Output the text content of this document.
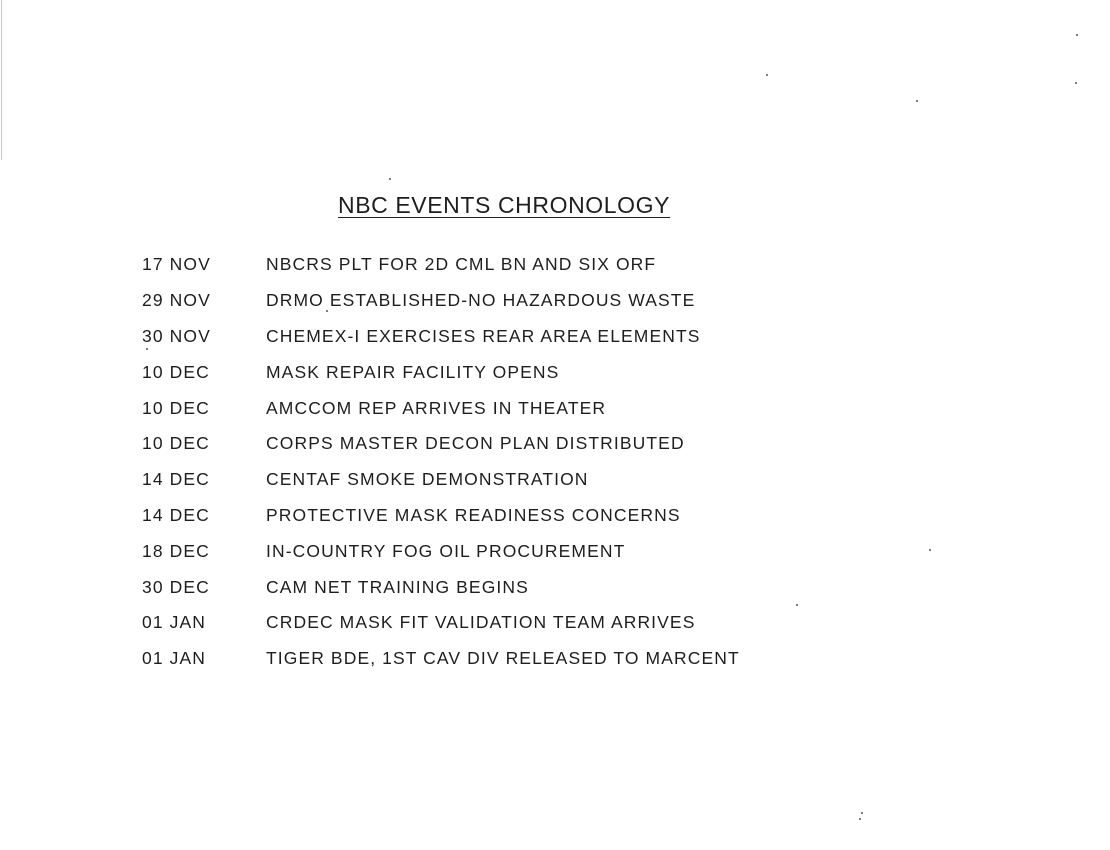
NBC EVENTS CHRONOLOGY
17 NOV	NBCRS PLT FOR 2D CML BN AND SIX ORF
29 NOV	DRMO ESTABLISHED-NO HAZARDOUS WASTE
30 NOV	CHEMEX-I EXERCISES REAR AREA ELEMENTS
10 DEC	MASK REPAIR FACILITY OPENS
10 DEC	AMCCOM REP ARRIVES IN THEATER
10 DEC	CORPS MASTER DECON PLAN DISTRIBUTED
14 DEC	CENTAF SMOKE DEMONSTRATION
14 DEC	PROTECTIVE MASK READINESS CONCERNS
18 DEC	IN-COUNTRY FOG OIL PROCUREMENT
30 DEC	CAM NET TRAINING BEGINS
01 JAN	CRDEC MASK FIT VALIDATION TEAM ARRIVES
01 JAN	TIGER BDE, 1ST CAV DIV RELEASED TO MARCENT
